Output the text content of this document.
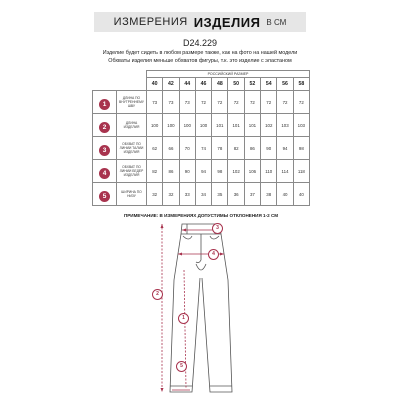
ИЗМЕРЕНИЯ ИЗДЕЛИЯ В СМ
D24.229
Изделие будет сидеть в любом размере также, как на фото на нашей модели
Обхваты изделия меньше обхватов фигуры, т.к. это изделие с эластаном
		РОССИЙСКИЙ РАЗМЕР									
		40	42	44	46	48	50	52	54	56	58
1	ДЛИНА ПО ВНУТРЕННЕМУ ШВУ	73	73	73	72	72	72	72	72	72	72
2	ДЛИНА ИЗДЕЛИЯ	100	100	100	100	101	101	101	102	103	103
3	ОБХВАТ ПО ЛИНИИ ТАЛИИ ИЗДЕЛИЯ	62	66	70	74	78	82	86	90	94	98
4	ОБХВАТ ПО ЛИНИИ БЕДЕР ИЗДЕЛИЯ	82	86	90	94	98	102	106	110	114	118
5	ШИРИНА ПО НИЗУ	32	32	33	34	35	36	37	38	40	40
ПРИМЕЧАНИЕ: В ИЗМЕРЕНИЯХ ДОПУСТИМЫ ОТКЛОНЕНИЯ 1-2 СМ
1
2
3
4
5
